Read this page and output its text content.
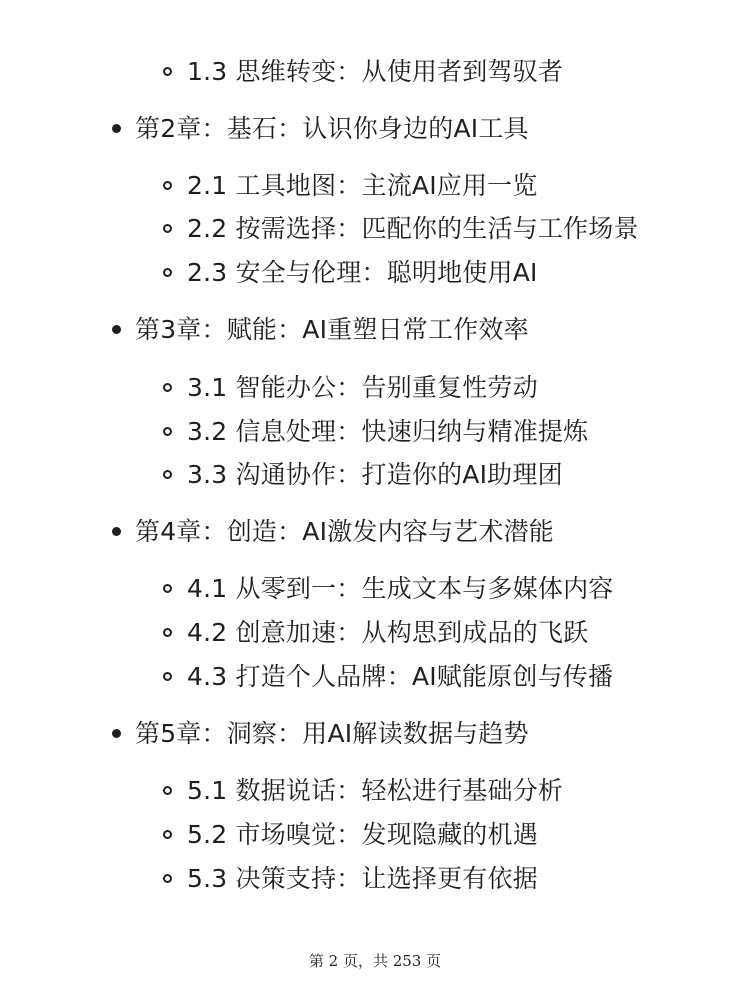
1.3 思维转变：从使用者到驾驭者
第2章：基石：认识你身边的AI工具
2.1 工具地图：主流AI应用一览
2.2 按需选择：匹配你的生活与工作场景
2.3 安全与伦理：聪明地使用AI
第3章：赋能：AI重塑日常工作效率
3.1 智能办公：告别重复性劳动
3.2 信息处理：快速归纳与精准提炼
3.3 沟通协作：打造你的AI助理团
第4章：创造：AI激发内容与艺术潜能
4.1 从零到一：生成文本与多媒体内容
4.2 创意加速：从构思到成品的飞跃
4.3 打造个人品牌：AI赋能原创与传播
第5章：洞察：用AI解读数据与趋势
5.1 数据说话：轻松进行基础分析
5.2 市场嗅觉：发现隐藏的机遇
5.3 决策支持：让选择更有依据
第 2 页，共 253 页
